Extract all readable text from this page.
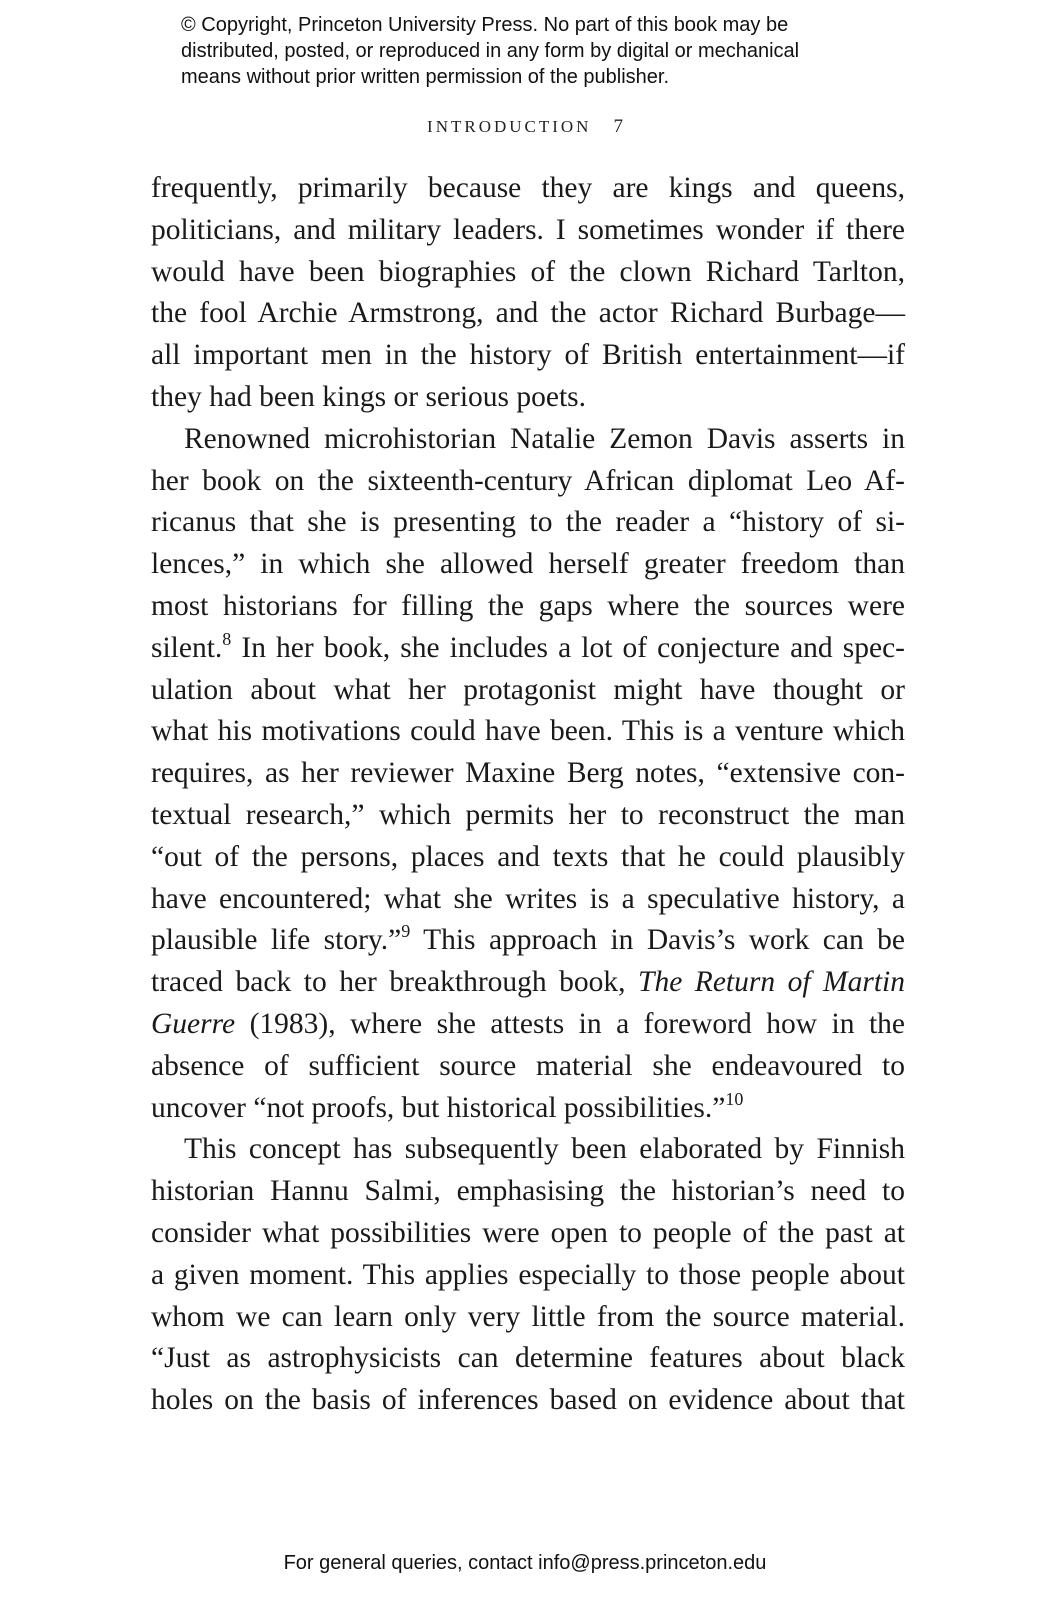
© Copyright, Princeton University Press. No part of this book may be
distributed, posted, or reproduced in any form by digital or mechanical
means without prior written permission of the publisher.
INTRODUCTION 7
frequently, primarily because they are kings and queens,
politicians, and military leaders. I sometimes wonder if there
would have been biographies of the clown Richard Tarlton,
the fool Archie Armstrong, and the actor Richard Burbage—
all important men in the history of British entertainment—if
they had been kings or serious poets.
Renowned microhistorian Natalie Zemon Davis asserts in
her book on the sixteenth-century African diplomat Leo Af-
ricanus that she is presenting to the reader a “history of si-
lences,” in which she allowed herself greater freedom than
most historians for filling the gaps where the sources were
silent.$^8$ In her book, she includes a lot of conjecture and spec-
ulation about what her protagonist might have thought or
what his motivations could have been. This is a venture which
requires, as her reviewer Maxine Berg notes, “extensive con-
textual research,” which permits her to reconstruct the man
“out of the persons, places and texts that he could plausibly
have encountered; what she writes is a speculative history, a
plausible life story.”$^9$ This approach in Davis’s work can be
traced back to her breakthrough book, The Return of Martin
Guerre (1983), where she attests in a foreword how in the
absence of sufficient source material she endeavoured to
uncover “not proofs, but historical possibilities.”$^{10}$
This concept has subsequently been elaborated by Finnish
historian Hannu Salmi, emphasising the historian’s need to
consider what possibilities were open to people of the past at
a given moment. This applies especially to those people about
whom we can learn only very little from the source material.
“Just as astrophysicists can determine features about black
holes on the basis of inferences based on evidence about that
For general queries, contact info@press.princeton.edu
